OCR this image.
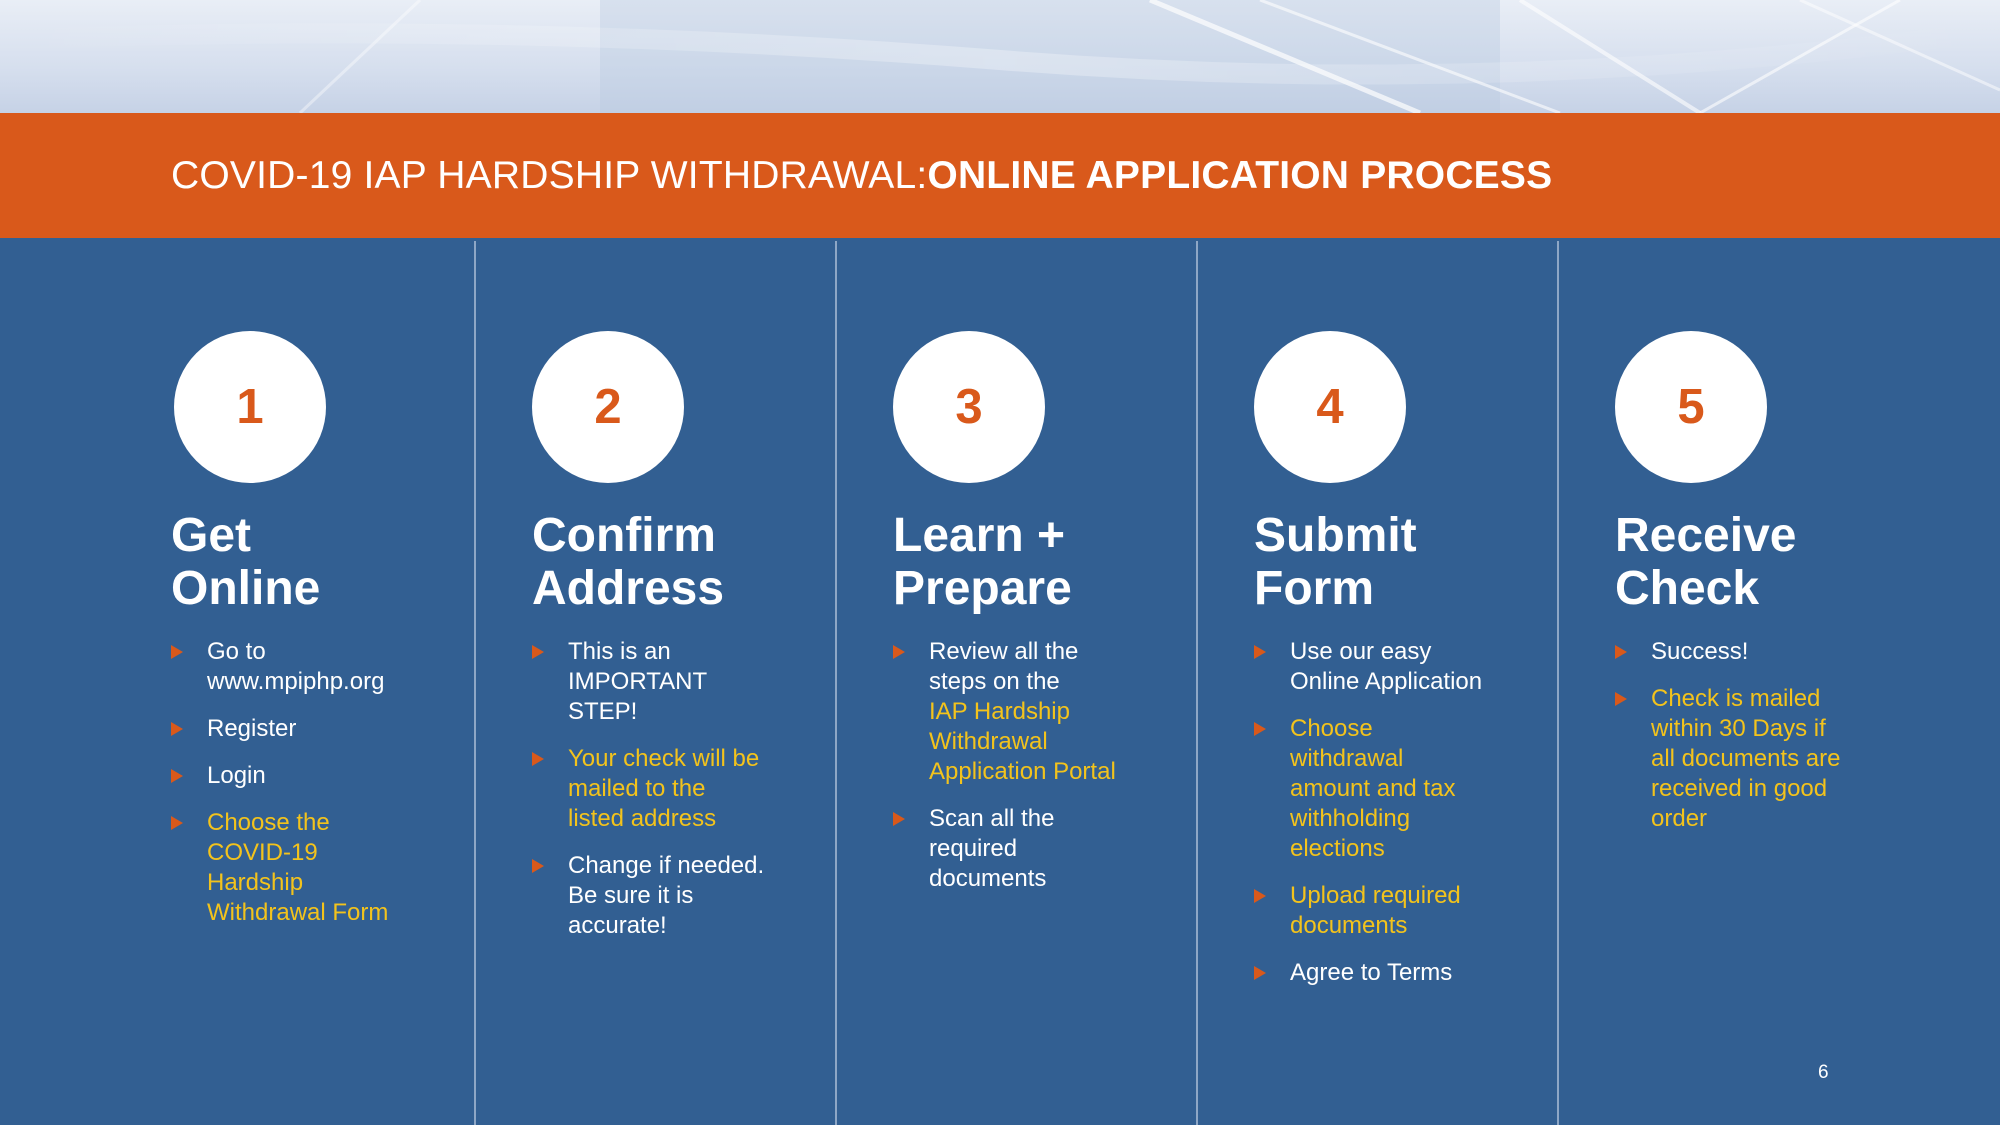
COVID-19 IAP HARDSHIP WITHDRAWAL: ONLINE APPLICATION PROCESS
1
Get
Online
Go to
www.mpiphp.org
Register
Login
Choose the
COVID-19
Hardship
Withdrawal Form
2
Confirm
Address
This is an
IMPORTANT
STEP!
Your check will be
mailed to the
listed address
Change if needed.
Be sure it is
accurate!
3
Learn +
Prepare
Review all the
steps on the
IAP Hardship
Withdrawal
Application Portal
Scan all the
required
documents
4
Submit
Form
Use our easy
Online Application
Choose
withdrawal
amount and tax
withholding
elections
Upload required
documents
Agree to Terms
5
Receive
Check
Success!
Check is mailed
within 30 Days if
all documents are
received in good
order
6
